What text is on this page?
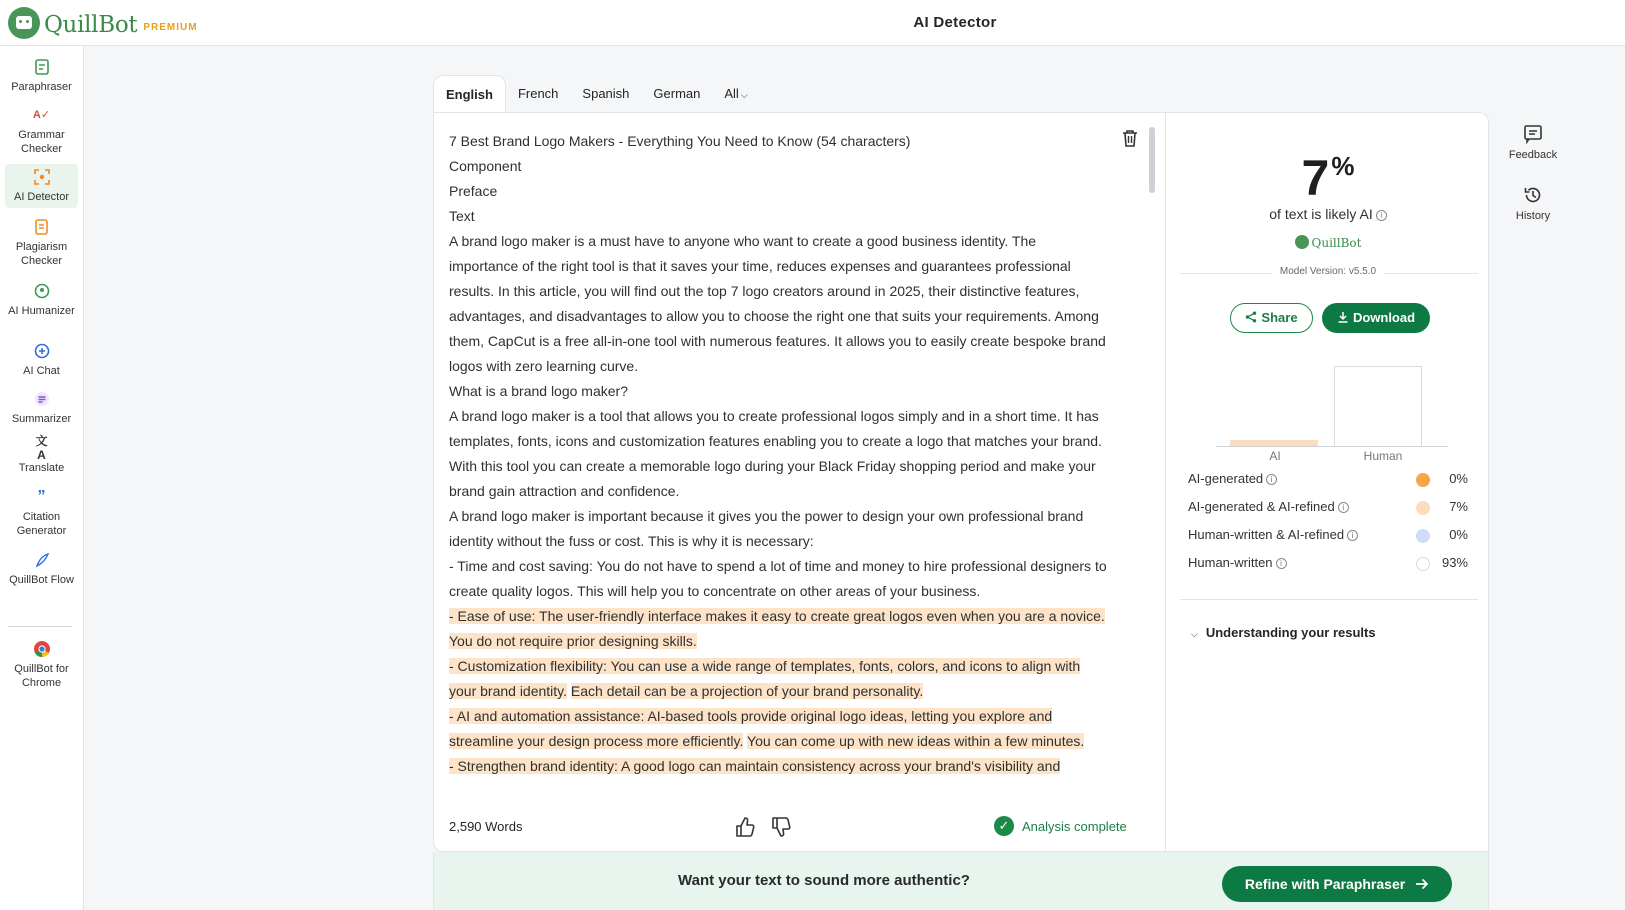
QuillBot PREMIUM	AI Detector
Paraphraser
A✓
Grammar Checker
AI Detector
Plagiarism Checker
AI Humanizer
AI Chat
Summarizer
文A
Translate
”
Citation Generator
QuillBot Flow
QuillBot for Chrome
English	French	Spanish	German	All ⌵

7 Best Brand Logo Makers - Everything You Need to Know (54 characters)

Component

Preface

Text

A brand logo maker is a must have to anyone who want to create a good business identity. The importance of the right tool is that it saves your time, reduces expenses and guarantees professional results. In this article, you will find out the top 7 logo creators around in 2025, their distinctive features, advantages, and disadvantages to allow you to choose the right one that suits your requirements. Among them, CapCut is a free all-in-one tool with numerous features. It allows you to easily create bespoke brand logos with zero learning curve.

What is a brand logo maker?

A brand logo maker is a tool that allows you to create professional logos simply and in a short time. It has templates, fonts, icons and customization features enabling you to create a logo that matches your brand. With this tool you can create a memorable logo during your Black Friday shopping period and make your brand gain attraction and confidence.

A brand logo maker is important because it gives you the power to design your own professional brand identity without the fuss or cost. This is why it is necessary:

- Time and cost saving: You do not have to spend a lot of time and money to hire professional designers to create quality logos. This will help you to concentrate on other areas of your business.

- Ease of use: The user-friendly interface makes it easy to create great logos even when you are a novice. You do not require prior designing skills.

- Customization flexibility: You can use a wide range of templates, fonts, colors, and icons to align with your brand identity. Each detail can be a projection of your brand personality.

- AI and automation assistance: AI-based tools provide original logo ideas, letting you explore and streamline your design process more efficiently. You can come up with new ideas within a few minutes.

- Strengthen brand identity: A good logo can maintain consistency across your brand's visibility and

2,590 Words	✓ Analysis complete
7%
of text is likely AI i
QuillBot
Model Version: v5.5.0
Share	Download
AI	Human
AI-generated i	0%
AI-generated & AI-refined i	7%
Human-written & AI-refined i	0%
Human-written i	93%
⌵ Understanding your results
Want your text to sound more authentic?	Refine with Paraphraser
Feedback
History
